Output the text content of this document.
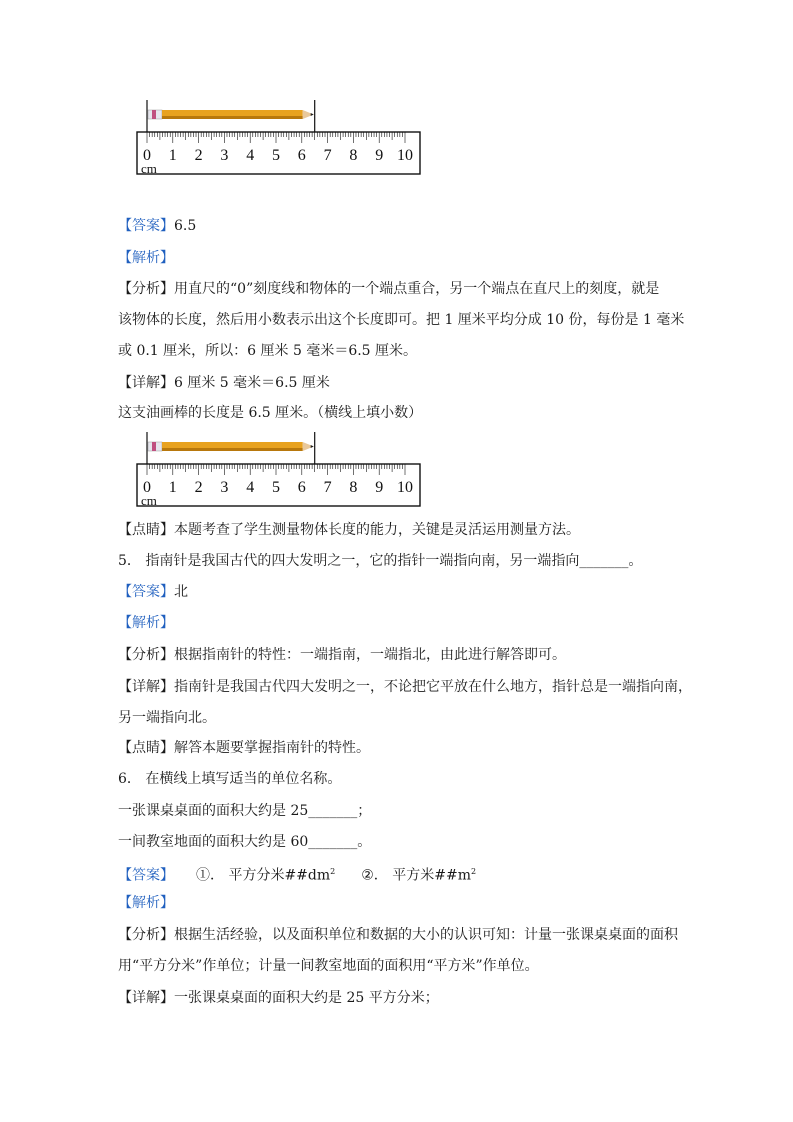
0 1 2 3 4 5 6 7 8 9 10
cm
【答案】6.5
【解析】
【分析】用直尺的“0”刻度线和物体的一个端点重合，另一个端点在直尺上的刻度，就是
该物体的长度，然后用小数表示出这个长度即可。把 1 厘米平均分成 10 份，每份是 1 毫米
或 0.1 厘米，所以：6 厘米 5 毫米＝6.5 厘米。
【详解】6 厘米 5 毫米＝6.5 厘米
这支油画棒的长度是 6.5 厘米。（横线上填小数）
0 1 2 3 4 5 6 7 8 9 10
cm
【点睛】本题考查了学生测量物体长度的能力，关键是灵活运用测量方法。
5． 指南针是我国古代的四大发明之一，它的指针一端指向南，另一端指向_______。
【答案】北
【解析】
【分析】根据指南针的特性：一端指南，一端指北，由此进行解答即可。
【详解】指南针是我国古代四大发明之一，不论把它平放在什么地方，指针总是一端指向南，
另一端指向北。
【点睛】解答本题要掌握指南针的特性。
6． 在横线上填写适当的单位名称。
一张课桌桌面的面积大约是 25_______；
一间教室地面的面积大约是 60_______。
【答案】 ①． 平方分米$\#\#dm^2$ ②． 平方米$\#\#m^2$
【解析】
【分析】根据生活经验，以及面积单位和数据的大小的认识可知：计量一张课桌桌面的面积
用“平方分米”作单位；计量一间教室地面的面积用“平方米”作单位。
【详解】一张课桌桌面的面积大约是 25 平方分米；
